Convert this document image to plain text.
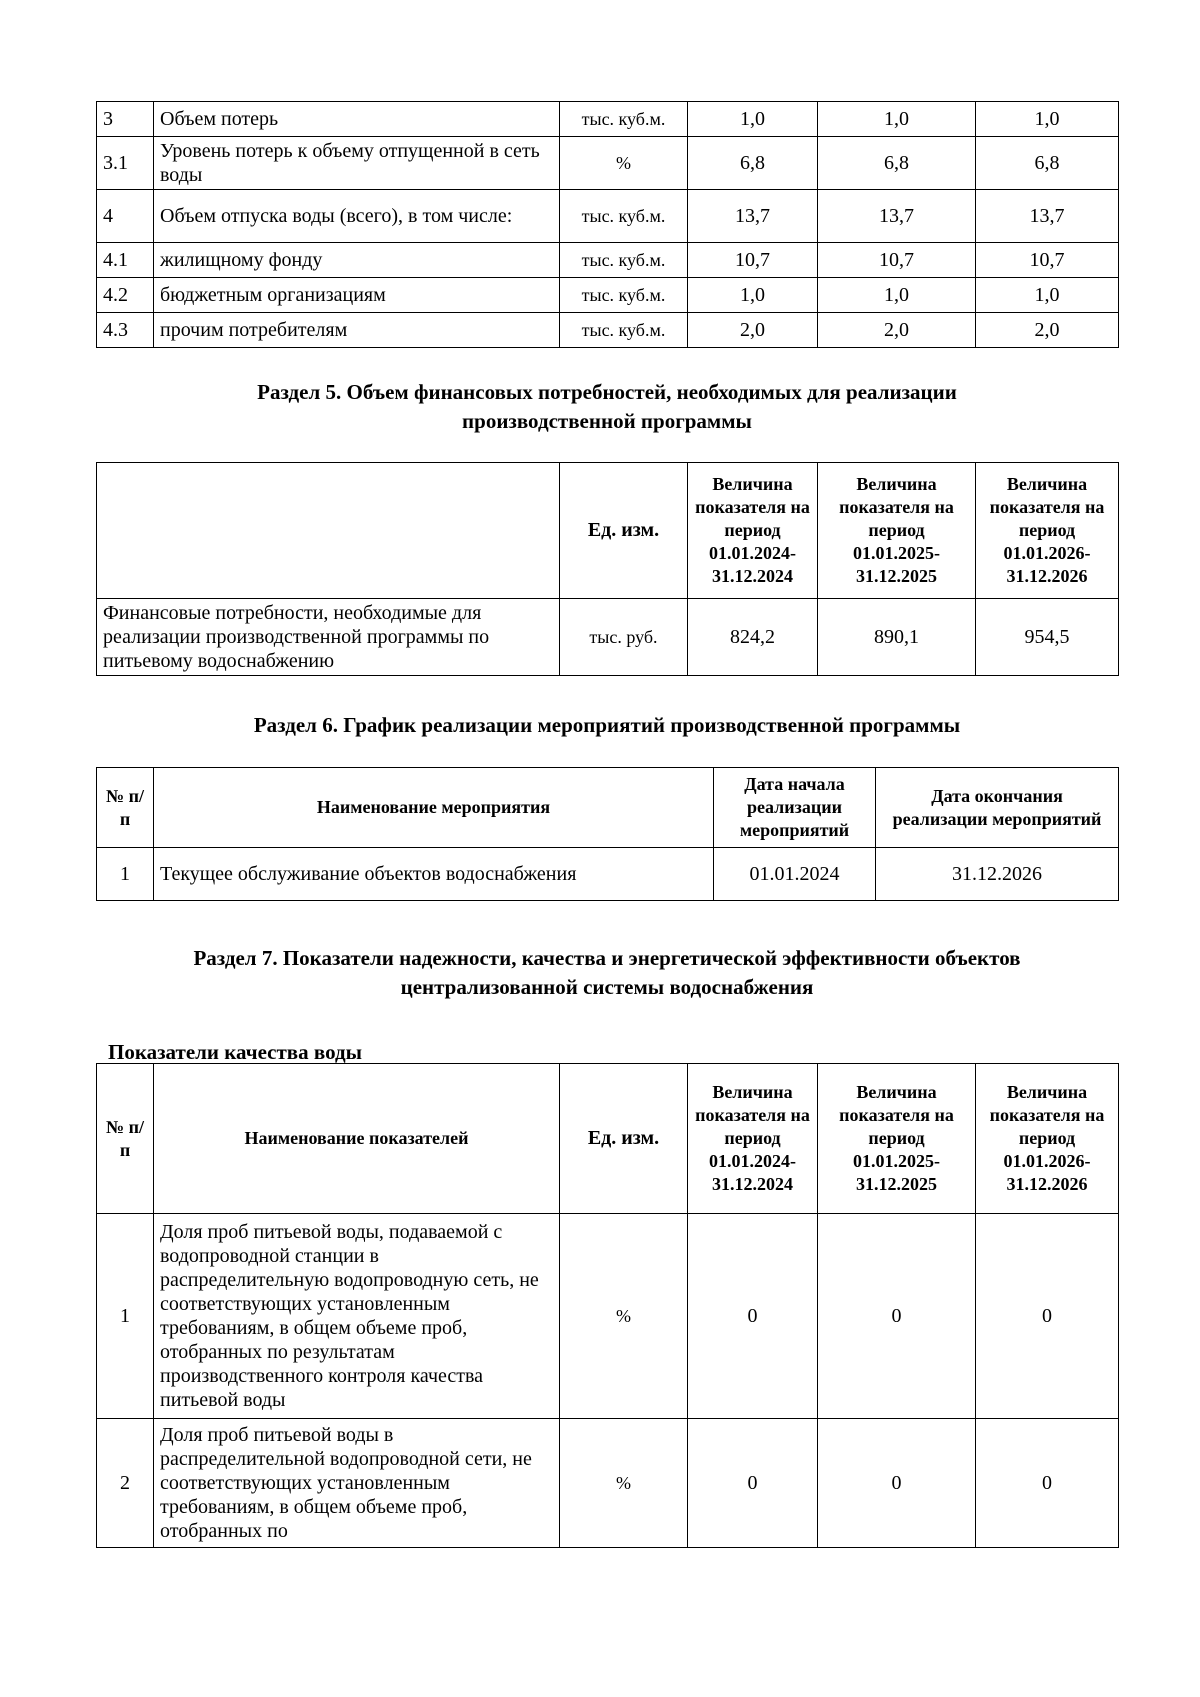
3	Объем потерь	тыс. куб.м.	1,0	1,0	1,0
3.1	Уровень потерь к объему отпущенной в сеть воды	%	6,8	6,8	6,8
4	Объем отпуска воды (всего), в том числе:	тыс. куб.м.	13,7	13,7	13,7
4.1	жилищному фонду	тыс. куб.м.	10,7	10,7	10,7
4.2	бюджетным организациям	тыс. куб.м.	1,0	1,0	1,0
4.3	прочим потребителям	тыс. куб.м.	2,0	2,0	2,0
Раздел 5. Объем финансовых потребностей, необходимых для реализации
производственной программы
	Ед. изм.	Величина показателя на период 01.01.2024-31.12.2024	Величина показателя на период 01.01.2025-31.12.2025	Величина показателя на период 01.01.2026-31.12.2026
Финансовые потребности, необходимые для реализации производственной программы по питьевому водоснабжению	тыс. руб.	824,2	890,1	954,5
Раздел 6. График реализации мероприятий производственной программы
№ п/п	Наименование мероприятия	Дата начала реализации мероприятий	Дата окончания реализации мероприятий
1	Текущее обслуживание объектов водоснабжения	01.01.2024	31.12.2026
Раздел 7. Показатели надежности, качества и энергетической эффективности объектов
централизованной системы водоснабжения
Показатели качества воды
№ п/п	Наименование показателей	Ед. изм.	Величина показателя на период 01.01.2024-31.12.2024	Величина показателя на период 01.01.2025-31.12.2025	Величина показателя на период 01.01.2026-31.12.2026
1	Доля проб питьевой воды, подаваемой с водопроводной станции в распределительную водопроводную сеть, не соответствующих установленным требованиям, в общем объеме проб, отобранных по результатам производственного контроля качества питьевой воды	%	0	0	0
2	Доля проб питьевой воды в распределительной водопроводной сети, не соответствующих установленным требованиям, в общем объеме проб, отобранных по	%	0	0	0
